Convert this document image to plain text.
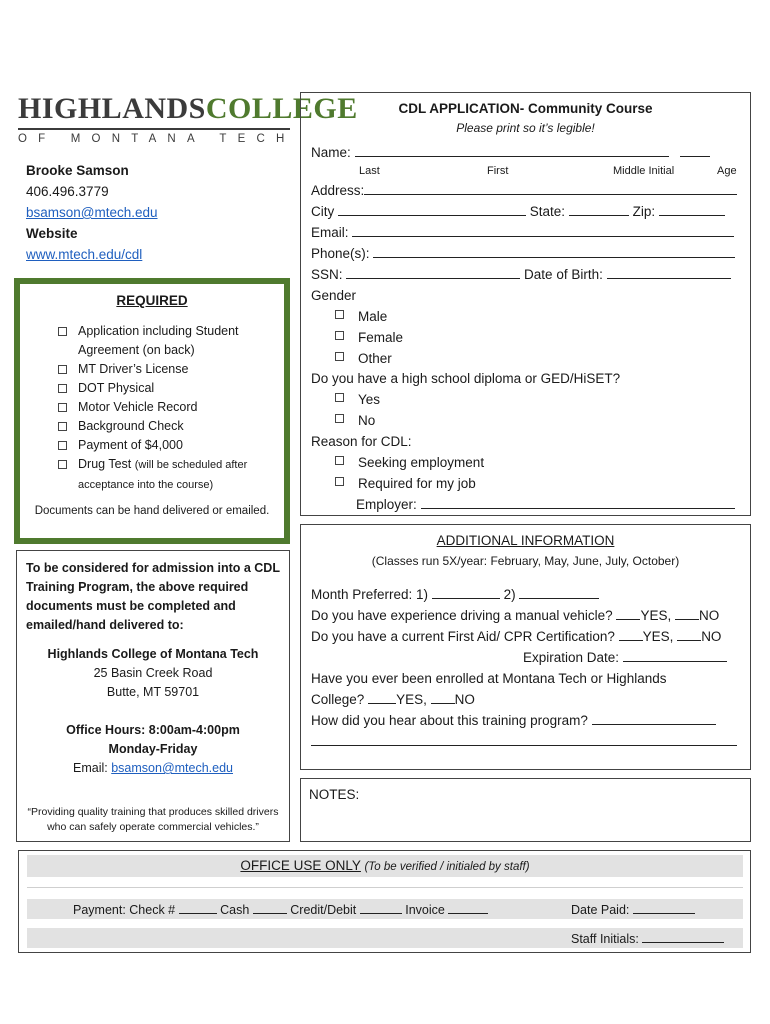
HIGHLANDSCOLLEGE
OF MONTANA TECH
Brooke Samson
406.496.3779
bsamson@mtech.edu
Website
www.mtech.edu/cdl
REQUIRED
Application including Student Agreement (on back)
MT Driver’s License
DOT Physical
Motor Vehicle Record
Background Check
Payment of $4,000
Drug Test (will be scheduled after acceptance into the course)
Documents can be hand delivered or emailed.
To be considered for admission into a CDL Training Program, the above required documents must be completed and emailed/hand delivered to:
Highlands College of Montana Tech
25 Basin Creek Road
Butte, MT 59701
Office Hours: 8:00am-4:00pm
Monday-Friday
Email: bsamson@mtech.edu
“Providing quality training that produces skilled drivers who can safely operate commercial vehicles.”
CDL APPLICATION- Community Course
Please print so it’s legible!
Name:
Last	First	Middle Initial	Age
Address:
City	State:	Zip:
Email:
Phone(s):
SSN:	Date of Birth:
Gender
Male
Female
Other
Do you have a high school diploma or GED/HiSET?
Yes
No
Reason for CDL:
Seeking employment
Required for my job
Employer:
ADDITIONAL INFORMATION
(Classes run 5X/year: February, May, June, July, October)
Month Preferred: 1)	2)
Do you have experience driving a manual vehicle? YES, NO
Do you have a current First Aid/ CPR Certification? YES, NO
Expiration Date:
Have you ever been enrolled at Montana Tech or Highlands
College? YES, NO
How did you hear about this training program?
NOTES:
OFFICE USE ONLY (To be verified / initialed by staff)
Payment: Check #	Cash	Credit/Debit	Invoice	Date Paid:
Staff Initials:
